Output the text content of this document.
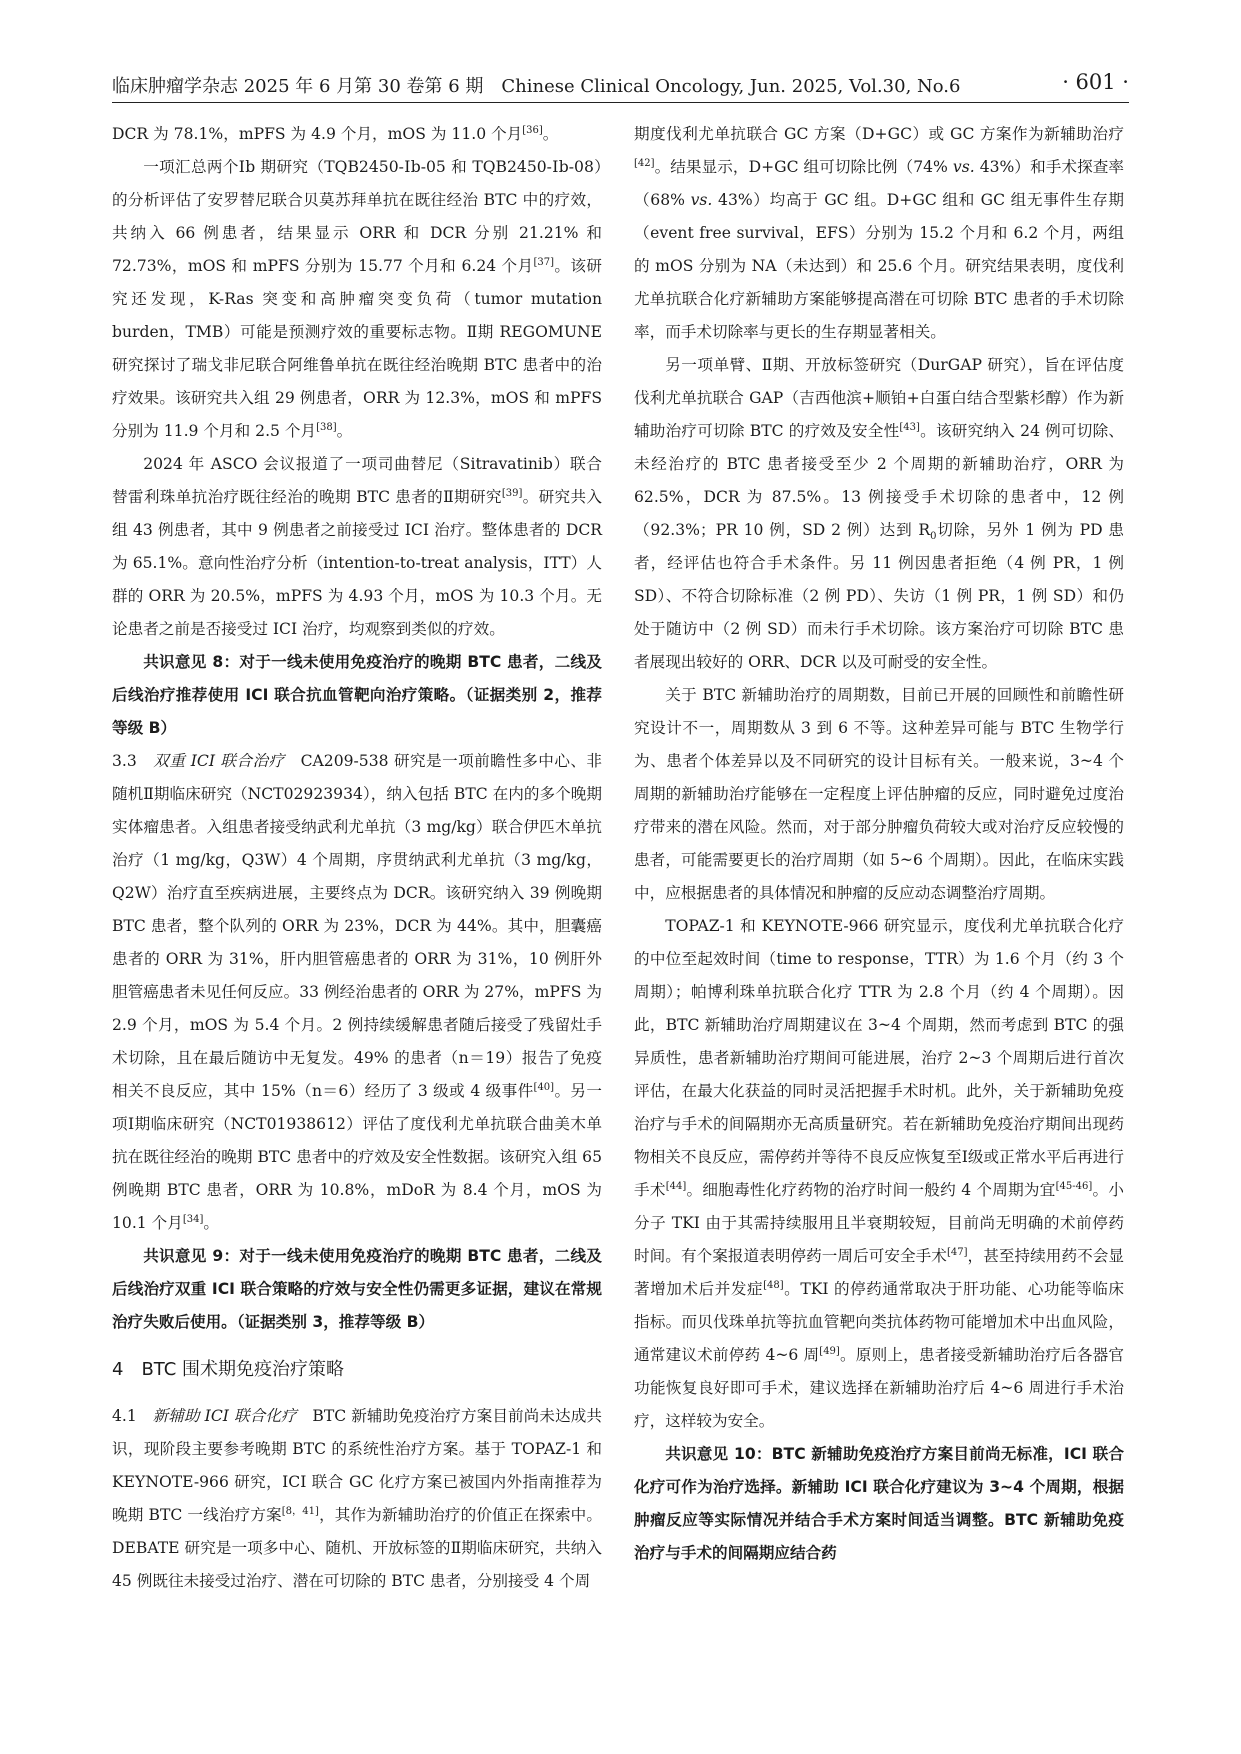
临床肿瘤学杂志 2025 年 6 月第 30 卷第 6 期　Chinese Clinical Oncology, Jun. 2025, Vol.30, No.6	· 601 ·

DCR 为 78.1%，mPFS 为 4.9 个月，mOS 为 11.0 个月[36]。

一项汇总两个Ⅰb 期研究（TQB2450-Ⅰb-05 和 TQB2450-Ⅰb-08）的分析评估了安罗替尼联合贝莫苏拜单抗在既往经治 BTC 中的疗效，共纳入 66 例患者，结果显示 ORR 和 DCR 分别 21.21% 和 72.73%，mOS 和 mPFS 分别为 15.77 个月和 6.24 个月[37]。该研究还发现，K-Ras 突变和高肿瘤突变负荷（tumor mutation burden，TMB）可能是预测疗效的重要标志物。Ⅱ期 REGOMUNE 研究探讨了瑞戈非尼联合阿维鲁单抗在既往经治晚期 BTC 患者中的治疗效果。该研究共入组 29 例患者，ORR 为 12.3%，mOS 和 mPFS 分别为 11.9 个月和 2.5 个月[38]。

2024 年 ASCO 会议报道了一项司曲替尼（Sitravatinib）联合替雷利珠单抗治疗既往经治的晚期 BTC 患者的Ⅱ期研究[39]。研究共入组 43 例患者，其中 9 例患者之前接受过 ICI 治疗。整体患者的 DCR 为 65.1%。意向性治疗分析（intention-to-treat analysis，ITT）人群的 ORR 为 20.5%，mPFS 为 4.93 个月，mOS 为 10.3 个月。无论患者之前是否接受过 ICI 治疗，均观察到类似的疗效。

共识意见 8：对于一线未使用免疫治疗的晚期 BTC 患者，二线及后线治疗推荐使用 ICI 联合抗血管靶向治疗策略。（证据类别 2，推荐等级 B）

3.3　双重 ICI 联合治疗　CA209-538 研究是一项前瞻性多中心、非随机Ⅱ期临床研究（NCT02923934），纳入包括 BTC 在内的多个晚期实体瘤患者。入组患者接受纳武利尤单抗（3 mg/kg）联合伊匹木单抗治疗（1 mg/kg，Q3W）4 个周期，序贯纳武利尤单抗（3 mg/kg，Q2W）治疗直至疾病进展，主要终点为 DCR。该研究纳入 39 例晚期 BTC 患者，整个队列的 ORR 为 23%，DCR 为 44%。其中，胆囊癌患者的 ORR 为 31%，肝内胆管癌患者的 ORR 为 31%，10 例肝外胆管癌患者未见任何反应。33 例经治患者的 ORR 为 27%，mPFS 为 2.9 个月，mOS 为 5.4 个月。2 例持续缓解患者随后接受了残留灶手术切除，且在最后随访中无复发。49% 的患者（n＝19）报告了免疫相关不良反应，其中 15%（n＝6）经历了 3 级或 4 级事件[40]。另一项Ⅰ期临床研究（NCT01938612）评估了度伐利尤单抗联合曲美木单抗在既往经治的晚期 BTC 患者中的疗效及安全性数据。该研究入组 65 例晚期 BTC 患者，ORR 为 10.8%，mDoR 为 8.4 个月，mOS 为 10.1 个月[34]。

共识意见 9：对于一线未使用免疫治疗的晚期 BTC 患者，二线及后线治疗双重 ICI 联合策略的疗效与安全性仍需更多证据，建议在常规治疗失败后使用。（证据类别 3，推荐等级 B）

4　BTC 围术期免疫治疗策略

4.1　新辅助 ICI 联合化疗　BTC 新辅助免疫治疗方案目前尚未达成共识，现阶段主要参考晚期 BTC 的系统性治疗方案。基于 TOPAZ-1 和 KEYNOTE-966 研究，ICI 联合 GC 化疗方案已被国内外指南推荐为晚期 BTC 一线治疗方案[8，41]，其作为新辅助治疗的价值正在探索中。DEBATE 研究是一项多中心、随机、开放标签的Ⅱ期临床研究，共纳入 45 例既往未接受过治疗、潜在可切除的 BTC 患者，分别接受 4 个周

期度伐利尤单抗联合 GC 方案（D+GC）或 GC 方案作为新辅助治疗[42]。结果显示，D+GC 组可切除比例（74% vs. 43%）和手术探查率（68% vs. 43%）均高于 GC 组。D+GC 组和 GC 组无事件生存期（event free survival，EFS）分别为 15.2 个月和 6.2 个月，两组的 mOS 分别为 NA（未达到）和 25.6 个月。研究结果表明，度伐利尤单抗联合化疗新辅助方案能够提高潜在可切除 BTC 患者的手术切除率，而手术切除率与更长的生存期显著相关。

另一项单臂、Ⅱ期、开放标签研究（DurGAP 研究），旨在评估度伐利尤单抗联合 GAP（吉西他滨+顺铂+白蛋白结合型紫杉醇）作为新辅助治疗可切除 BTC 的疗效及安全性[43]。该研究纳入 24 例可切除、未经治疗的 BTC 患者接受至少 2 个周期的新辅助治疗，ORR 为 62.5%，DCR 为 87.5%。13 例接受手术切除的患者中，12 例（92.3%；PR 10 例，SD 2 例）达到 $R_0$切除，另外 1 例为 PD 患者，经评估也符合手术条件。另 11 例因患者拒绝（4 例 PR，1 例 SD）、不符合切除标准（2 例 PD）、失访（1 例 PR，1 例 SD）和仍处于随访中（2 例 SD）而未行手术切除。该方案治疗可切除 BTC 患者展现出较好的 ORR、DCR 以及可耐受的安全性。

关于 BTC 新辅助治疗的周期数，目前已开展的回顾性和前瞻性研究设计不一，周期数从 3 到 6 不等。这种差异可能与 BTC 生物学行为、患者个体差异以及不同研究的设计目标有关。一般来说，3~4 个周期的新辅助治疗能够在一定程度上评估肿瘤的反应，同时避免过度治疗带来的潜在风险。然而，对于部分肿瘤负荷较大或对治疗反应较慢的患者，可能需要更长的治疗周期（如 5~6 个周期）。因此，在临床实践中，应根据患者的具体情况和肿瘤的反应动态调整治疗周期。

TOPAZ-1 和 KEYNOTE-966 研究显示，度伐利尤单抗联合化疗的中位至起效时间（time to response，TTR）为 1.6 个月（约 3 个周期）；帕博利珠单抗联合化疗 TTR 为 2.8 个月（约 4 个周期）。因此，BTC 新辅助治疗周期建议在 3~4 个周期，然而考虑到 BTC 的强异质性，患者新辅助治疗期间可能进展，治疗 2~3 个周期后进行首次评估，在最大化获益的同时灵活把握手术时机。此外，关于新辅助免疫治疗与手术的间隔期亦无高质量研究。若在新辅助免疫治疗期间出现药物相关不良反应，需停药并等待不良反应恢复至Ⅰ级或正常水平后再进行手术[44]。细胞毒性化疗药物的治疗时间一般约 4 个周期为宜[45-46]。小分子 TKI 由于其需持续服用且半衰期较短，目前尚无明确的术前停药时间。有个案报道表明停药一周后可安全手术[47]，甚至持续用药不会显著增加术后并发症[48]。TKI 的停药通常取决于肝功能、心功能等临床指标。而贝伐珠单抗等抗血管靶向类抗体药物可能增加术中出血风险，通常建议术前停药 4~6 周[49]。原则上，患者接受新辅助治疗后各器官功能恢复良好即可手术，建议选择在新辅助治疗后 4~6 周进行手术治疗，这样较为安全。

共识意见 10：BTC 新辅助免疫治疗方案目前尚无标准，ICI 联合化疗可作为治疗选择。新辅助 ICI 联合化疗建议为 3~4 个周期，根据肿瘤反应等实际情况并结合手术方案时间适当调整。BTC 新辅助免疫治疗与手术的间隔期应结合药
